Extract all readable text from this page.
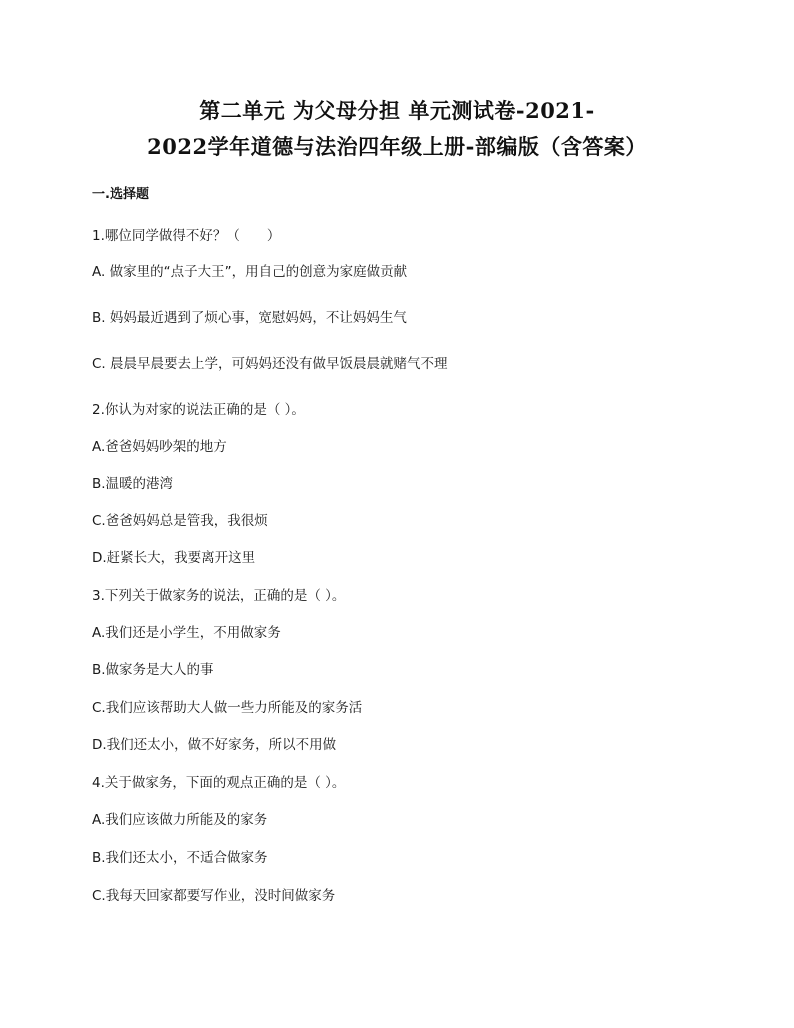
第二单元 为父母分担 单元测试卷-2021-
2022学年道德与法治四年级上册-部编版（含答案）
一.选择题
1.哪位同学做得不好？（　　）
A. 做家里的“点子大王”，用自己的创意为家庭做贡献
B. 妈妈最近遇到了烦心事，宽慰妈妈，不让妈妈生气
C. 晨晨早晨要去上学，可妈妈还没有做早饭晨晨就赌气不理
2.你认为对家的说法正确的是（ ）。
A.爸爸妈妈吵架的地方
B.温暖的港湾
C.爸爸妈妈总是管我，我很烦
D.赶紧长大，我要离开这里
3.下列关于做家务的说法，正确的是（ ）。
A.我们还是小学生，不用做家务
B.做家务是大人的事
C.我们应该帮助大人做一些力所能及的家务活
D.我们还太小，做不好家务，所以不用做
4.关于做家务，下面的观点正确的是（ ）。
A.我们应该做力所能及的家务
B.我们还太小，不适合做家务
C.我每天回家都要写作业，没时间做家务
